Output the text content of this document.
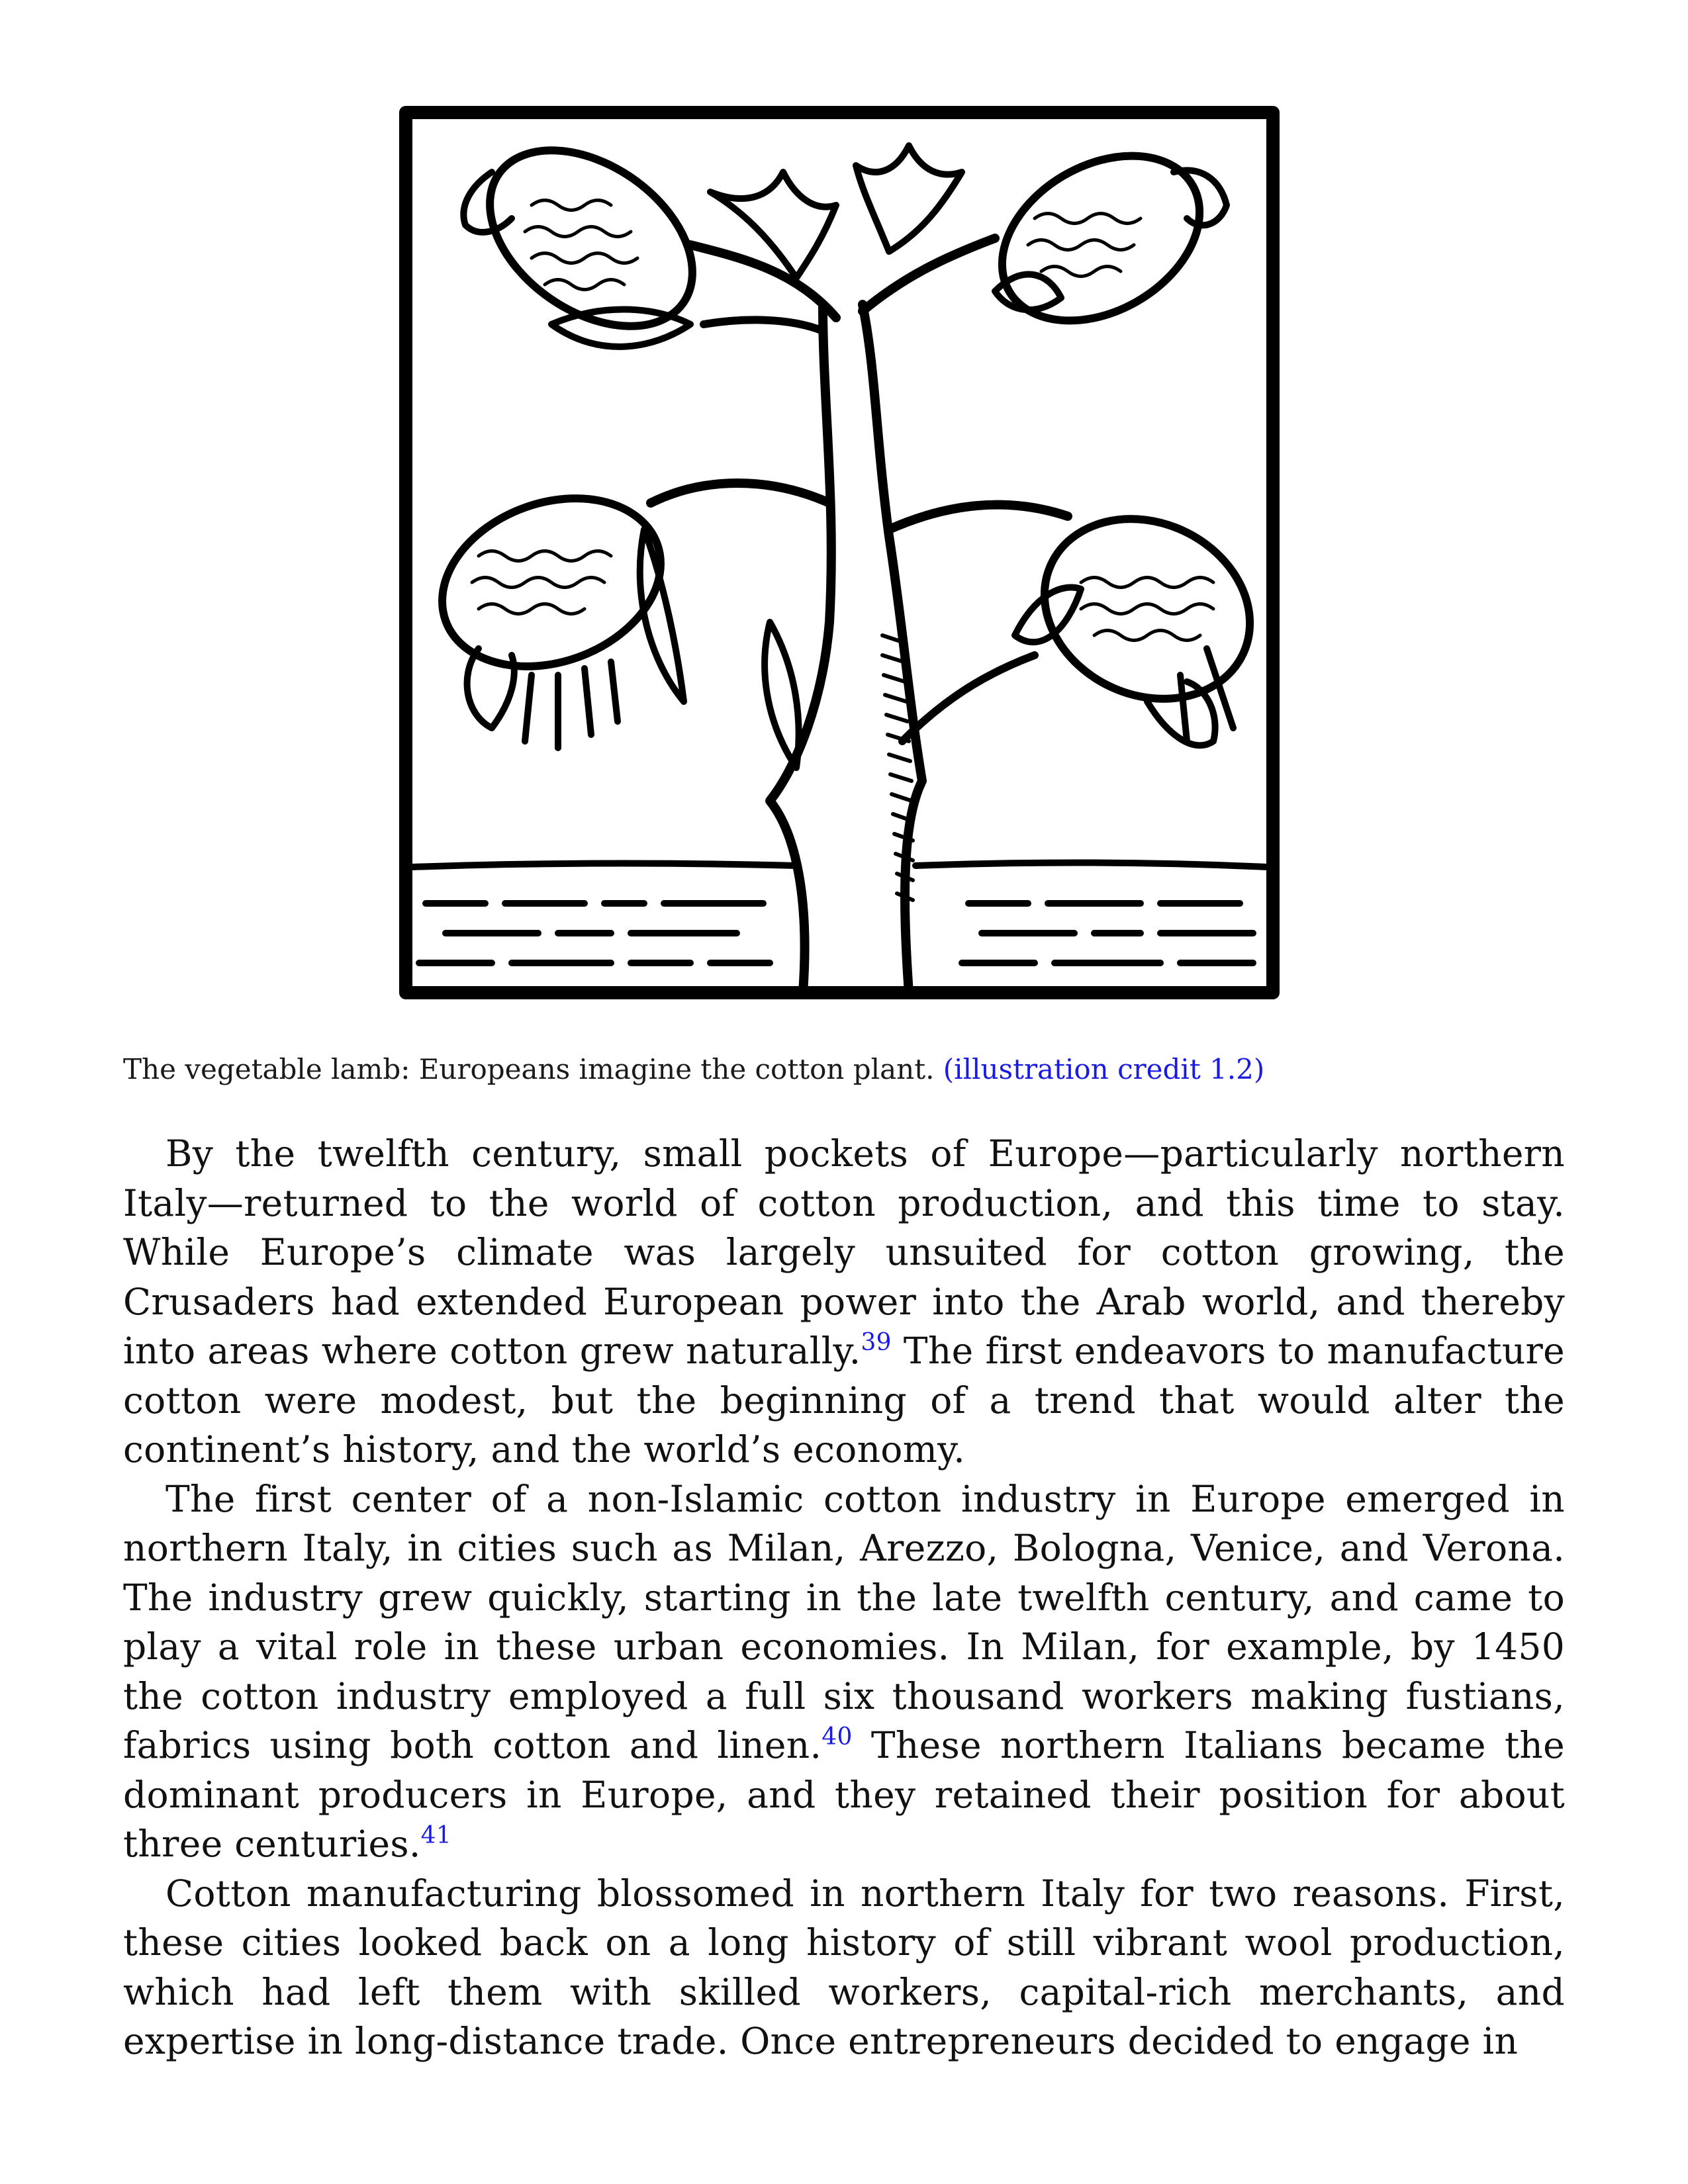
The vegetable lamb: Europeans imagine the cotton plant. (illustration credit 1.2)

By the twelfth century, small pockets of Europe—particularly northern Italy—returned to the world of cotton production, and this time to stay. While Europe’s climate was largely unsuited for cotton growing, the Crusaders had extended European power into the Arab world, and thereby into areas where cotton grew naturally.$^{39}$ The first endeavors to manufacture cotton were modest, but the beginning of a trend that would alter the continent’s history, and the world’s economy.

The first center of a non-Islamic cotton industry in Europe emerged in northern Italy, in cities such as Milan, Arezzo, Bologna, Venice, and Verona. The industry grew quickly, starting in the late twelfth century, and came to play a vital role in these urban economies. In Milan, for example, by 1450 the cotton industry employed a full six thousand workers making fustians, fabrics using both cotton and linen.$^{40}$ These northern Italians became the dominant producers in Europe, and they retained their position for about three centuries.$^{41}$

Cotton manufacturing blossomed in northern Italy for two reasons. First, these cities looked back on a long history of still vibrant wool production, which had left them with skilled workers, capital-rich merchants, and expertise in long-distance trade. Once entrepreneurs decided to engage in
